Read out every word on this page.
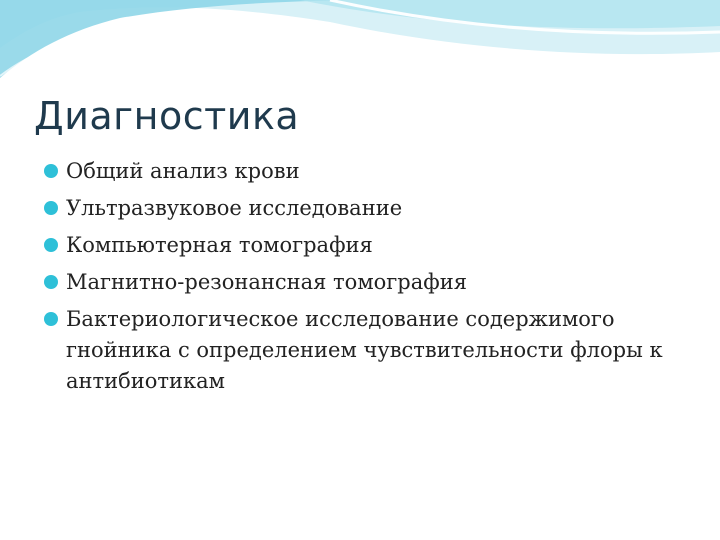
Диагностика
Общий анализ крови
Ультразвуковое исследование
Компьютерная томография
Магнитно-резонансная томография
Бактериологическое исследование содержимого гнойника с определением чувствительности флоры к антибиотикам
